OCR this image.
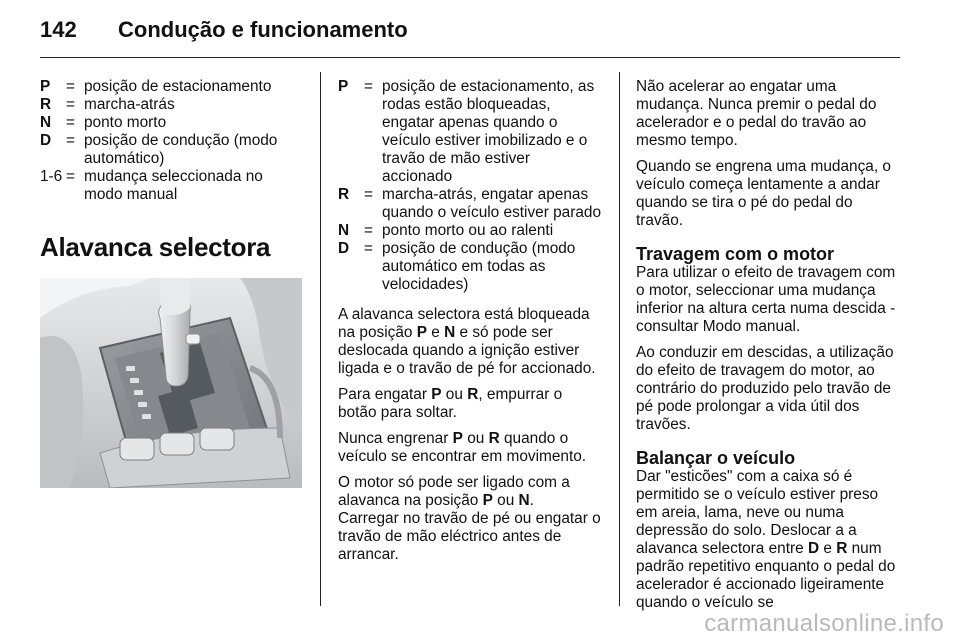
142 Condução e funcionamento
P	= posição de estacionamento
R = marcha-atrás
N = ponto morto
D = posição de condução (modo automático)
1-6 = mudança seleccionada no modo manual
Alavanca selectora
P	= posição de estacionamento, as rodas estão bloqueadas, engatar apenas quando o veículo estiver imobilizado e o travão de mão estiver accionado
R = marcha-atrás, engatar apenas quando o veículo estiver parado
N = ponto morto ou ao ralenti
D = posição de condução (modo automático em todas as velocidades)

A alavanca selectora está bloqueada na posição P e N e só pode ser deslocada quando a ignição estiver ligada e o travão de pé for accionado.

Para engatar P ou R, empurrar o botão para soltar.

Nunca engrenar P ou R quando o veículo se encontrar em movimento.

O motor só pode ser ligado com a alavanca na posição P ou N.

Carregar no travão de pé ou engatar o travão de mão eléctrico antes de arrancar.

Não acelerar ao engatar uma mudança. Nunca premir o pedal do acelerador e o pedal do travão ao mesmo tempo.

Quando se engrena uma mudança, o veículo começa lentamente a andar quando se tira o pé do pedal do travão.

Travagem com o motor

Para utilizar o efeito de travagem com o motor, seleccionar uma mudança inferior na altura certa numa descida - consultar Modo manual.

Ao conduzir em descidas, a utilização do efeito de travagem do motor, ao contrário do produzido pelo travão de pé pode prolongar a vida útil dos travões.

Balançar o veículo

Dar "esticões" com a caixa só é permitido se o veículo estiver preso em areia, lama, neve ou numa depressão do solo. Deslocar a a alavanca selectora entre D e R num padrão repetitivo enquanto o pedal do acelerador é accionado ligeiramente quando o veículo se

carmanualsonline.info
